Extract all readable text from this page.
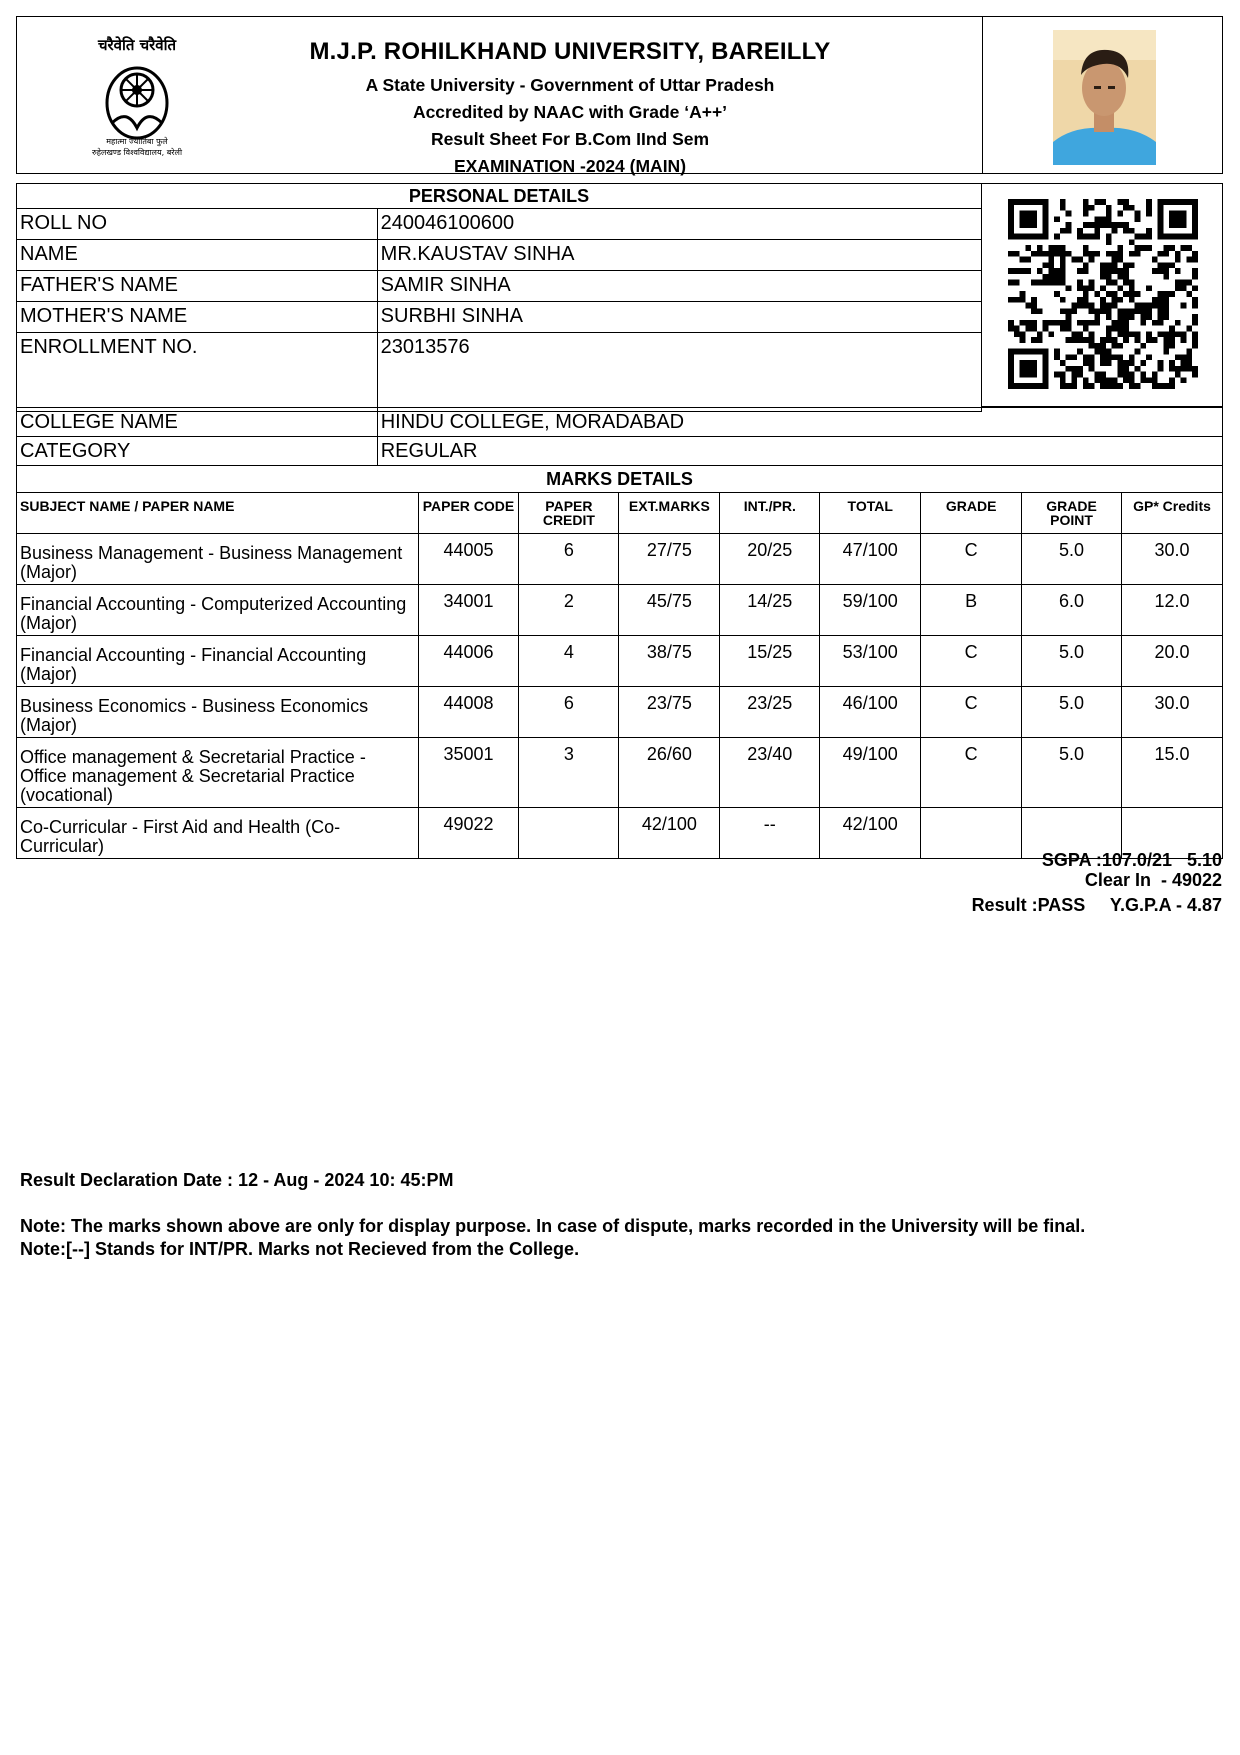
चरैवेति चरैवेति
महात्मा ज्योतिबा फुले
रुहेलखण्ड विश्वविद्यालय, बरेली
M.J.P. ROHILKHAND UNIVERSITY, BAREILLY
A State University - Government of Uttar Pradesh
Accredited by NAAC with Grade ‘A++’
Result Sheet For B.Com IInd Sem
EXAMINATION -2024 (MAIN)
PERSONAL DETAILS	
ROLL NO	240046100600
NAME	MR.KAUSTAV SINHA
FATHER'S NAME	SAMIR SINHA
MOTHER'S NAME	SURBHI SINHA
ENROLLMENT NO.	23013576
COLLEGE NAME	HINDU COLLEGE, MORADABAD
CATEGORY	REGULAR
MARKS DETAILS								
SUBJECT NAME / PAPER NAME	PAPER CODE	PAPER CREDIT	EXT.MARKS	INT./PR.	TOTAL	GRADE	GRADE POINT	GP* Credits
Business Management - Business Management (Major)	44005	6	27/75	20/25	47/100	C	5.0	30.0
Financial Accounting - Computerized Accounting (Major)	34001	2	45/75	14/25	59/100	B	6.0	12.0
Financial Accounting - Financial Accounting (Major)	44006	4	38/75	15/25	53/100	C	5.0	20.0
Business Economics - Business Economics (Major)	44008	6	23/75	23/25	46/100	C	5.0	30.0
Office management & Secretarial Practice - Office management & Secretarial Practice (vocational)	35001	3	26/60	23/40	49/100	C	5.0	15.0
Co-Curricular - First Aid and Health (Co-Curricular)	49022		42/100	--	42/100			
SGPA :107.0/21   5.10
Clear In  - 49022
Result :PASS     Y.G.P.A - 4.87
Result Declaration Date : 12 - Aug - 2024 10: 45:PM
Note: The marks shown above are only for display purpose. In case of dispute, marks recorded in the University will be final.
Note:[--] Stands for INT/PR. Marks not Recieved from the College.
